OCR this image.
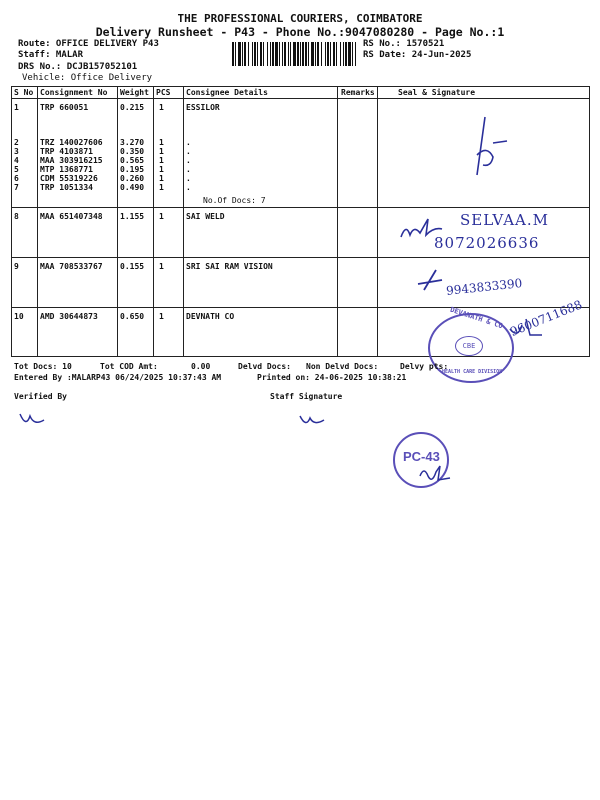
THE PROFESSIONAL COURIERS, COIMBATORE
Delivery Runsheet - P43 - Phone No.:9047080280 - Page No.:1
Route: OFFICE DELIVERY P43
Staff: MALAR
DRS No.: DCJB157052101
Vehicle: Office Delivery
RS No.: 1570521
RS Date: 24-Jun-2025
S No Consignment No Weight PCS Consignee Details	Remarks	Seal & Signature
1	TRP 660051	0.215 1	ESSILOR
2	TRZ 140027606 3.270 1	.
3	TRP 4103871	0.350 1	.
4	MAA 303916215 0.565 1	.
5	MTP 1368771	0.195 1	.
6	CDM 55319226	0.260 1	.
7	TRP 1051334	0.490 1	.
No.Of Docs: 7
8	MAA 651407348 1.155 1	SAI WELD
9	MAA 708533767 0.155 1	SRI SAI RAM VISION
10 AMD 30644873	0.650 1	DEVNATH CO
SELVAA.M
8072026636
9943833390
DEVANATH & CO
HEALTH CARE DIVISION
CBE
9600711688
Tot Docs: 10	Tot COD Amt:	0.00	Delvd Docs: Non Delvd Docs:	Delvy pts:
Entered By :MALARP43 06/24/2025 10:37:43 AM	Printed on: 24-06-2025 10:38:21
Verified By	Staff Signature
PC-43
